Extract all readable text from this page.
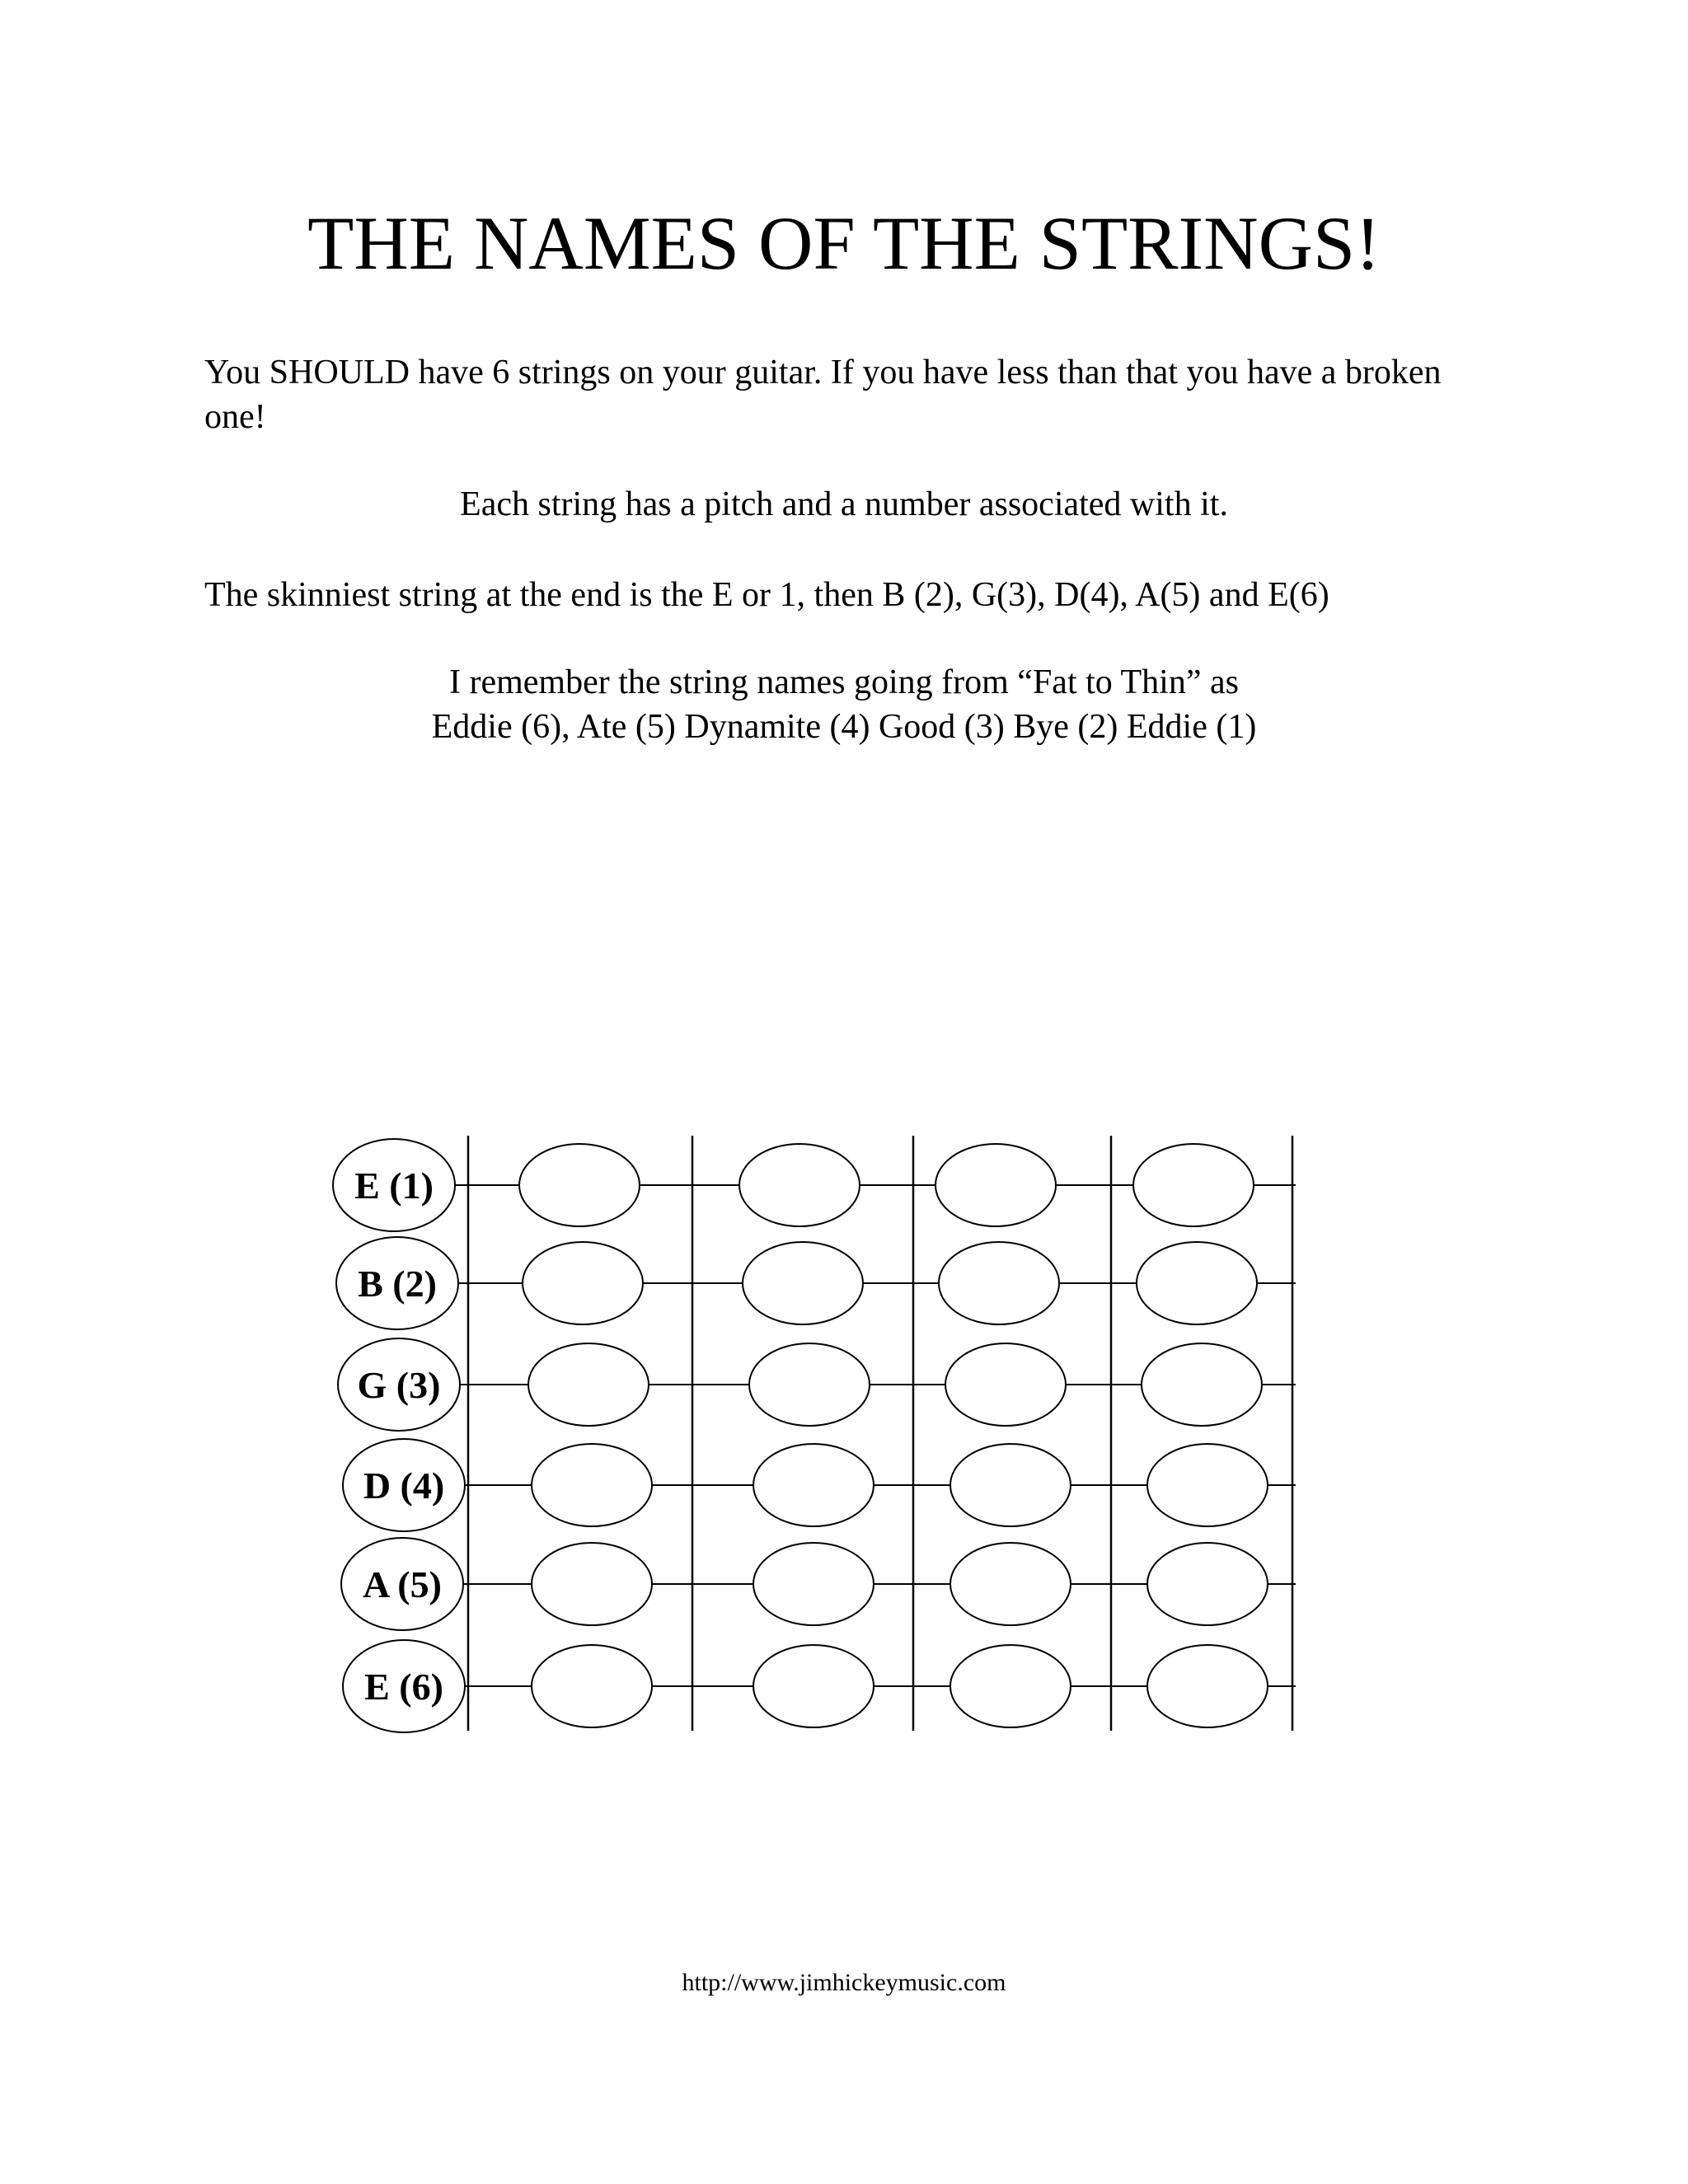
THE NAMES OF THE STRINGS!

You SHOULD have 6 strings on your guitar. If you have less than that you have a broken one!

Each string has a pitch and a number associated with it.

The skinniest string at the end is the E or 1, then B (2), G(3), D(4), A(5) and E(6)

I remember the string names going from “Fat to Thin” as

Eddie (6), Ate (5) Dynamite (4) Good (3) Bye (2) Eddie (1)

E (1)
B (2)
G (3)
D (4)
A (5)
E (6)

http://www.jimhickeymusic.com
